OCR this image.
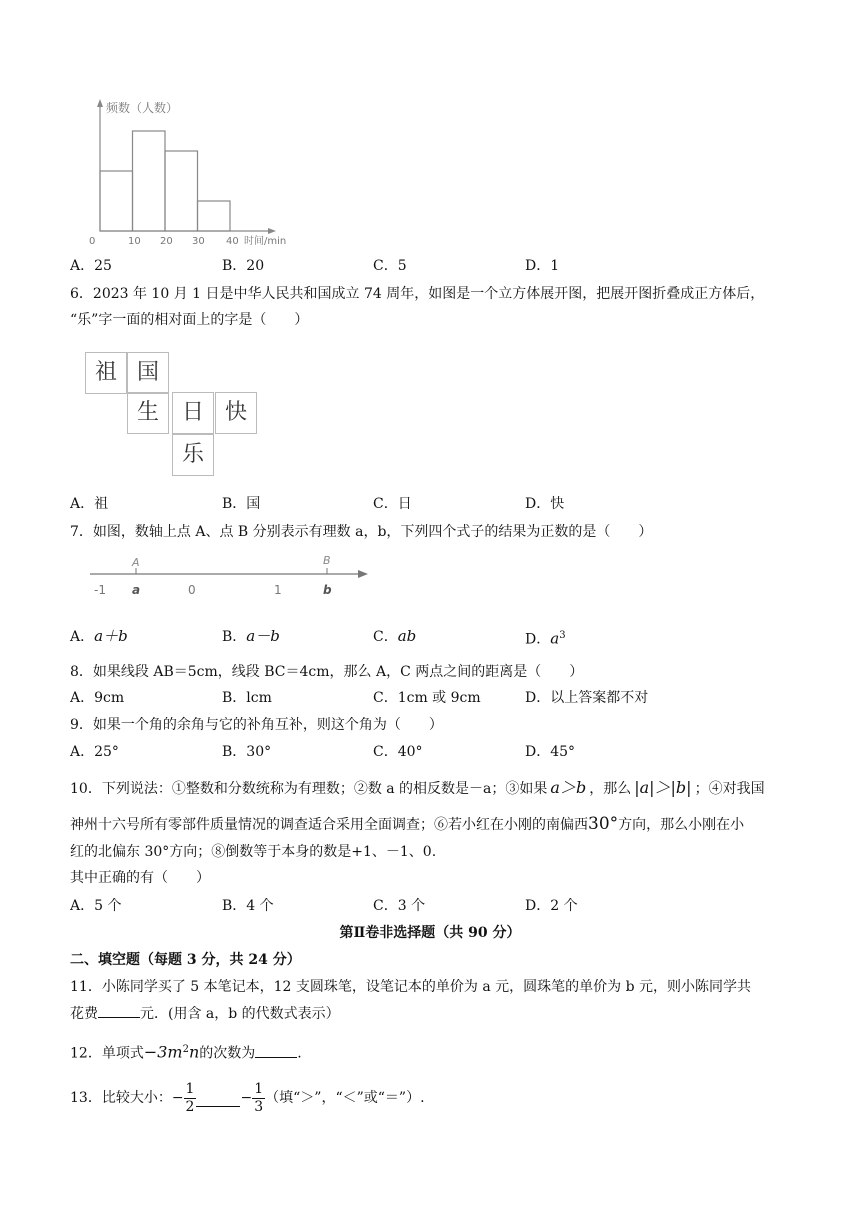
频数（人数）
0	10 20 30 40 时间/min
A．25	B．20	C．5	D．1
6．2023 年 10 月 1 日是中华人民共和国成立 74 周年，如图是一个立方体展开图，把展开图折叠成正方体后，
“乐”字一面的相对面上的字是（　　）
祖 国
生	日 快
乐
A．祖	B．国	C．日	D．快
7．如图，数轴上点 A、点 B 分别表示有理数 a，b，下列四个式子的结果为正数的是（　　）
A	B
-1 a	0	1	b
A．a＋b	B．a－b	C．ab	D．$a^3$
8．如果线段 AB＝5cm，线段 BC＝4cm，那么 A，C 两点之间的距离是（　　）
A．9cm	B．lcm	C．1cm 或 9cm	D．以上答案都不对
9．如果一个角的余角与它的补角互补，则这个角为（　　）
A．25°	B．30°	C．40°	D．45°
10．下列说法：①整数和分数统称为有理数；②数 a 的相反数是－a；③如果 a＞b ，那么 |a|＞|b| ；④对我国
神州十六号所有零部件质量情况的调查适合采用全面调查；⑥若小红在小刚的南偏西30°方向，那么小刚在小
红的北偏东 30°方向；⑧倒数等于本身的数是+1、－1、0.
其中正确的有（　　）
A．5 个	B．4 个	C．3 个	D．2 个
第Ⅱ卷非选择题（共 90 分）
二、填空题（每题 3 分，共 24 分）
11．小陈同学买了 5 本笔记本，12 支圆珠笔，设笔记本的单价为 a 元，圆珠笔的单价为 b 元，则小陈同学共
花费	元．(用含 a，b 的代数式表示）
12．单项式$-3m^2n$的次数为	.
13．比较大小：− $\frac{1}{2}$	− $\frac{1}{3}$ （填“＞”，“＜”或“＝”）.
